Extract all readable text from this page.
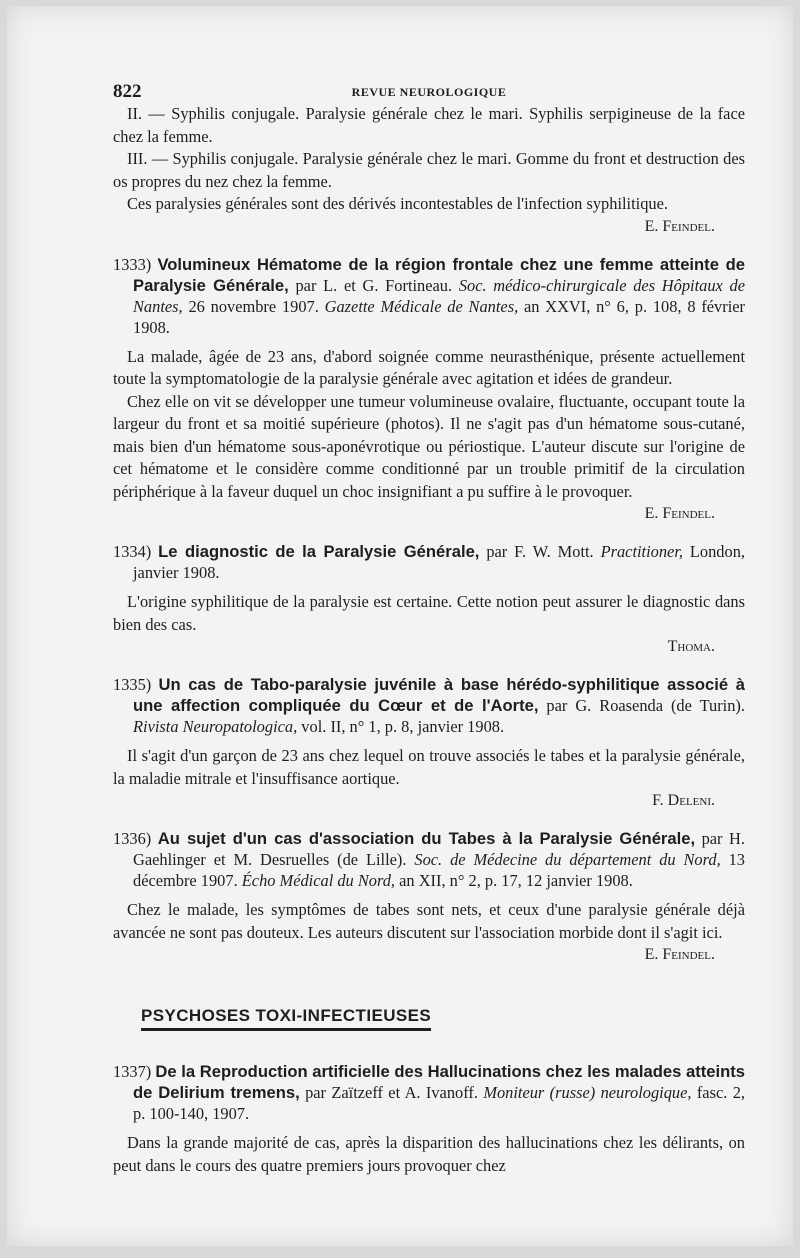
822	REVUE NEUROLOGIQUE

II. — Syphilis conjugale. Paralysie générale chez le mari. Syphilis serpigineuse de la face chez la femme.

III. — Syphilis conjugale. Paralysie générale chez le mari. Gomme du front et destruction des os propres du nez chez la femme.

Ces paralysies générales sont des dérivés incontestables de l'infection syphilitique.

E. Feindel.
1333) Volumineux Hématome de la région frontale chez une femme atteinte de Paralysie Générale, par L. et G. Fortineau. Soc. médico-chirurgicale des Hôpitaux de Nantes, 26 novembre 1907. Gazette Médicale de Nantes, an XXVI, n° 6, p. 108, 8 février 1908.

La malade, âgée de 23 ans, d'abord soignée comme neurasthénique, présente actuellement toute la symptomatologie de la paralysie générale avec agitation et idées de grandeur.

Chez elle on vit se développer une tumeur volumineuse ovalaire, fluctuante, occupant toute la largeur du front et sa moitié supérieure (photos). Il ne s'agit pas d'un hématome sous-cutané, mais bien d'un hématome sous-aponévrotique ou périostique. L'auteur discute sur l'origine de cet hématome et le considère comme conditionné par un trouble primitif de la circulation périphérique à la faveur duquel un choc insignifiant a pu suffire à le provoquer.

E. Feindel.
1334) Le diagnostic de la Paralysie Générale, par F. W. Mott. Practitioner, London, janvier 1908.

L'origine syphilitique de la paralysie est certaine. Cette notion peut assurer le diagnostic dans bien des cas.

Thoma.
1335) Un cas de Tabo-paralysie juvénile à base hérédo-syphilitique associé à une affection compliquée du Cœur et de l'Aorte, par G. Roasenda (de Turin). Rivista Neuropatologica, vol. II, n° 1, p. 8, janvier 1908.

Il s'agit d'un garçon de 23 ans chez lequel on trouve associés le tabes et la paralysie générale, la maladie mitrale et l'insuffisance aortique.

F. Deleni.
1336) Au sujet d'un cas d'association du Tabes à la Paralysie Générale, par H. Gaehlinger et M. Desruelles (de Lille). Soc. de Médecine du département du Nord, 13 décembre 1907. Écho Médical du Nord, an XII, n° 2, p. 17, 12 janvier 1908.

Chez le malade, les symptômes de tabes sont nets, et ceux d'une paralysie générale déjà avancée ne sont pas douteux. Les auteurs discutent sur l'association morbide dont il s'agit ici.

E. Feindel.
PSYCHOSES TOXI-INFECTIEUSES
1337) De la Reproduction artificielle des Hallucinations chez les malades atteints de Delirium tremens, par Zaïtzeff et A. Ivanoff. Moniteur (russe) neurologique, fasc. 2, p. 100-140, 1907.

Dans la grande majorité de cas, après la disparition des hallucinations chez les délirants, on peut dans le cours des quatre premiers jours provoquer chez
